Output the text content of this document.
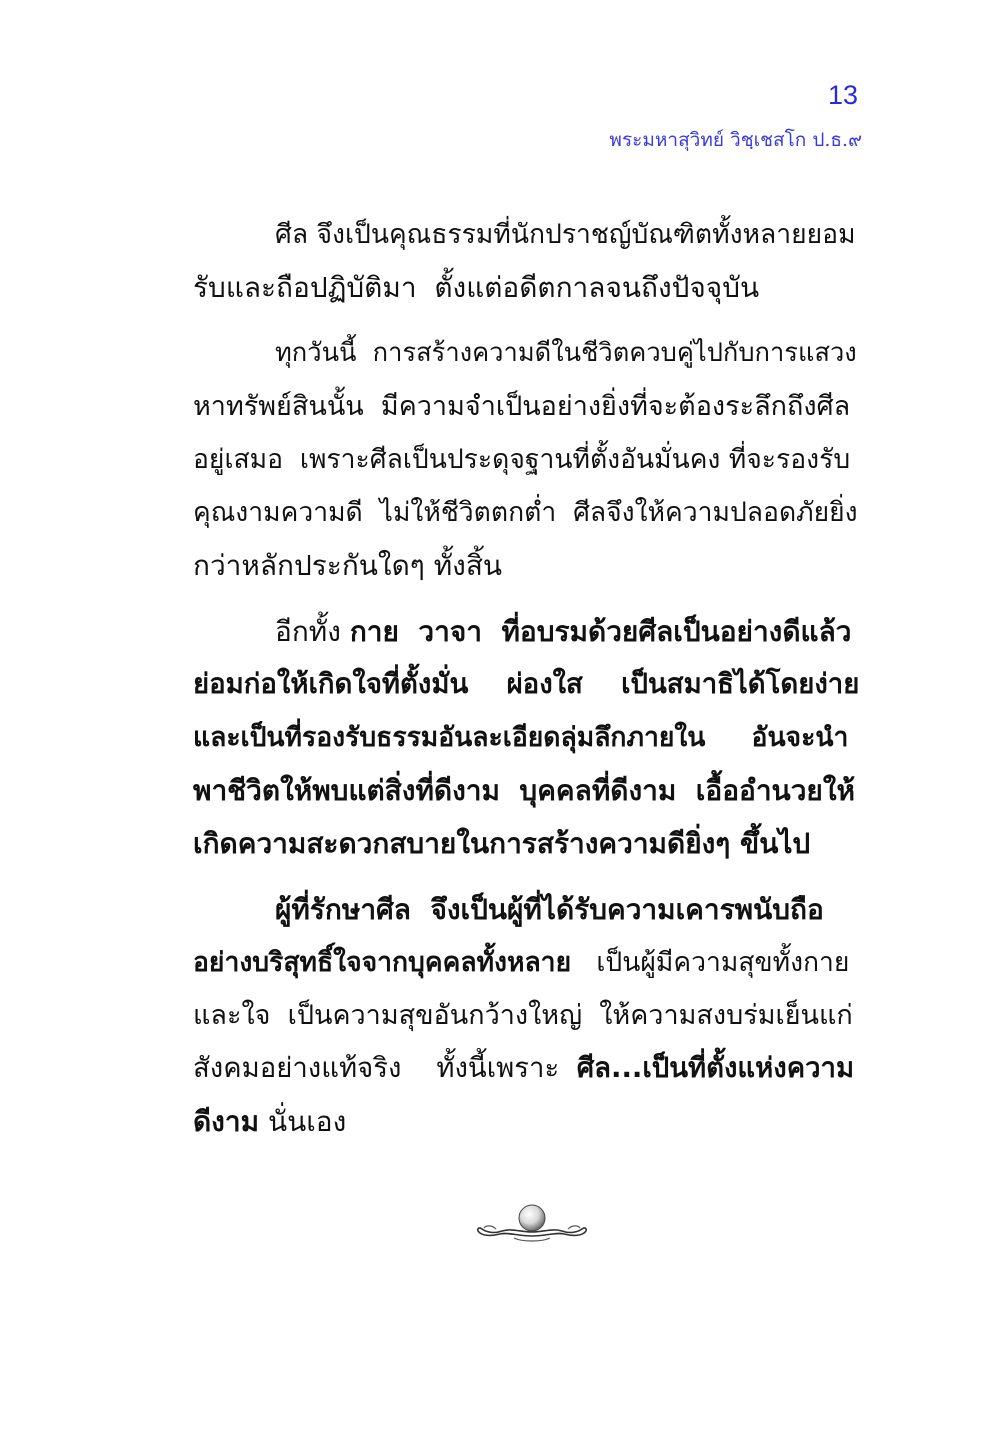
13
พระมหาสุวิทย์ วิชฺเชสโก ป.ธ.๙
ศีล จึงเป็นคุณธรรมที่นักปราชญ์บัณฑิตทั้งหลายยอม
รับและถือปฏิบัติมา  ตั้งแต่อดีตกาลจนถึงปัจจุบัน
ทุกวันนี้  การสร้างความดีในชีวิตควบคู่ไปกับการแสวง
หาทรัพย์สินนั้น  มีความจำเป็นอย่างยิ่งที่จะต้องระลึกถึงศีล
อยู่เสมอ  เพราะศีลเป็นประดุจฐานที่ตั้งอันมั่นคง ที่จะรองรับ
คุณงามความดี  ไม่ให้ชีวิตตกต่ำ  ศีลจึงให้ความปลอดภัยยิ่ง
กว่าหลักประกันใดๆ ทั้งสิ้น
อีกทั้ง กาย  วาจา  ที่อบรมด้วยศีลเป็นอย่างดีแล้ว
ย่อมก่อให้เกิดใจที่ตั้งมั่น    ผ่องใส    เป็นสมาธิได้โดยง่าย
และเป็นที่รองรับธรรมอันละเอียดลุ่มลึกภายใน     อันจะนำ
พาชีวิตให้พบแต่สิ่งที่ดีงาม  บุคคลที่ดีงาม  เอื้ออำนวยให้
เกิดความสะดวกสบายในการสร้างความดียิ่งๆ ขึ้นไป
ผู้ที่รักษาศีล  จึงเป็นผู้ที่ได้รับความเคารพนับถือ
อย่างบริสุทธิ์ใจจากบุคคลทั้งหลาย   เป็นผู้มีความสุขทั้งกาย
และใจ  เป็นความสุขอันกว้างใหญ่  ให้ความสงบร่มเย็นแก่
สังคมอย่างแท้จริง    ทั้งนี้เพราะ  ศีล...เป็นที่ตั้งแห่งความ
ดีงาม นั่นเอง
